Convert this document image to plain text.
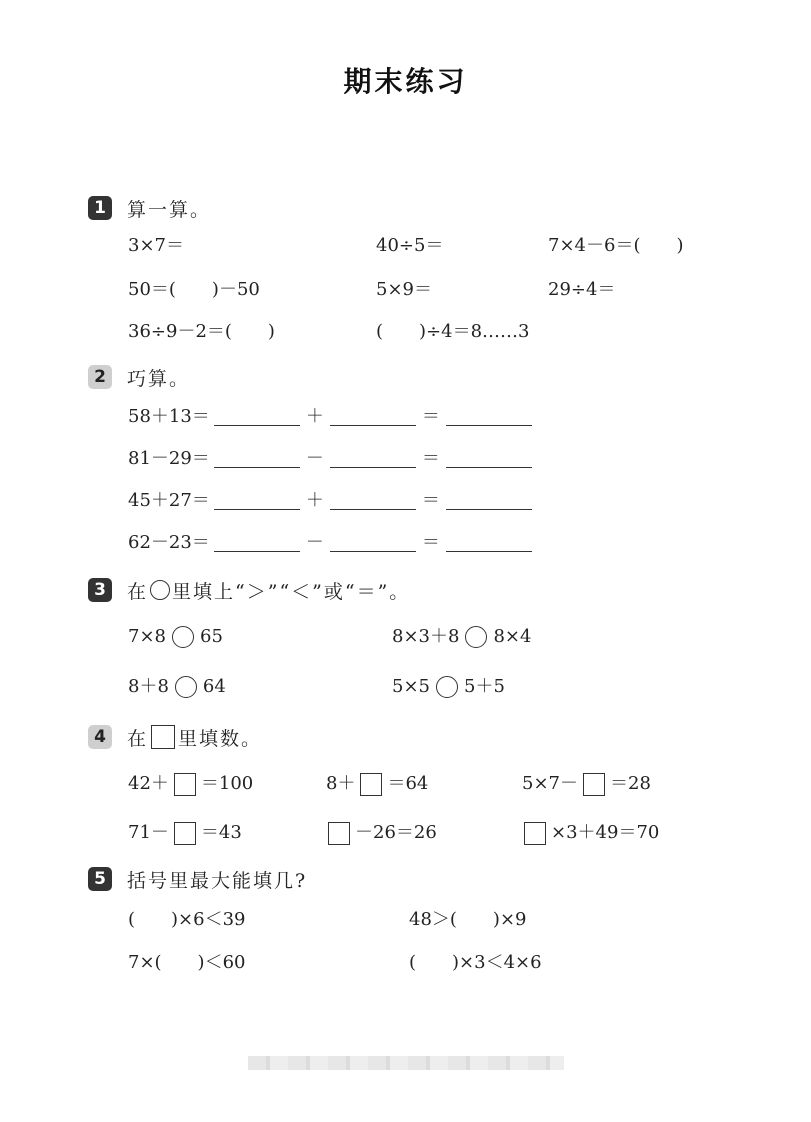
期末练习
1	算一算。
3×7＝	40÷5＝	7×4－6＝(　　)
50＝(　　)－50	5×9＝	29÷4＝
36÷9－2＝(　　)	(　　)÷4＝8……3
2	巧算。
58＋13＝	＋	＝
81－29＝	－	＝
45＋27＝	＋	＝
62－23＝	－	＝
3	在 里填上“＞”“＜”或“＝”。
7×8 65	8×3＋8 8×4
8＋8 64	5×5 5＋5
4	在 里填数。
42＋ ＝100	8＋ ＝64	5×7－ ＝28
71－ ＝43	－26＝26	×3＋49＝70
5	括号里最大能填几?
(　　)×6＜39	48＞(　　)×9
7×(　　)＜60	(　　)×3＜4×6
